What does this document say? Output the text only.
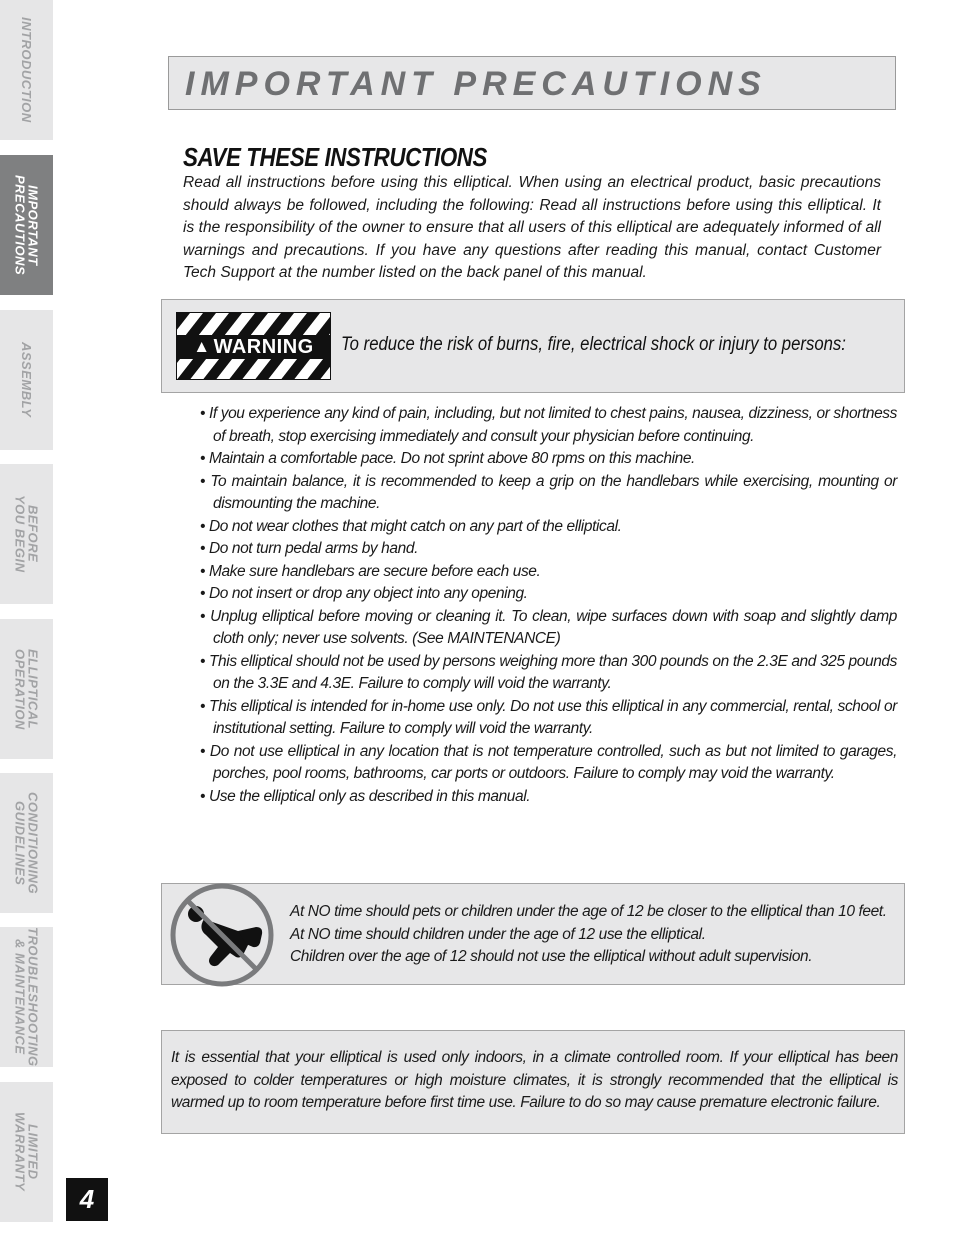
INTRODUCTION
IMPORTANT
PRECAUTIONS
ASSEMBLY
BEFORE
YOU BEGIN
ELLIPTICAL
OPERATION
CONDITIONING
GUIDELINES
TROUBLESHOOTING
& MAINTENANCE
LIMITED
WARRANTY
4
IMPORTANT PRECAUTIONS
SAVE THESE INSTRUCTIONS
Read all instructions before using this elliptical. When using an electrical product, basic precautions should always be followed, including the following: Read all instructions before using this elliptical. It is the responsibility of the owner to ensure that all users of this elliptical are adequately informed of all warnings and precautions. If you have any questions after reading this manual, contact Customer Tech Support at the number listed on the back panel of this manual.
▲ WARNING To reduce the risk of burns, fire, electrical shock or injury to persons:
• If you experience any kind of pain, including, but not limited to chest pains, nausea, dizziness, or shortness of breath, stop exercising immediately and consult your physician before continuing.
• Maintain a comfortable pace. Do not sprint above 80 rpms on this machine.
• To maintain balance, it is recommended to keep a grip on the handlebars while exercising, mounting or dismounting the machine.
• Do not wear clothes that might catch on any part of the elliptical.
• Do not turn pedal arms by hand.
• Make sure handlebars are secure before each use.
• Do not insert or drop any object into any opening.
• Unplug elliptical before moving or cleaning it. To clean, wipe surfaces down with soap and slightly damp cloth only; never use solvents. (See MAINTENANCE)
• This elliptical should not be used by persons weighing more than 300 pounds on the 2.3E and 325 pounds on the 3.3E and 4.3E. Failure to comply will void the warranty.
• This elliptical is intended for in-home use only. Do not use this elliptical in any commercial, rental, school or institutional setting. Failure to comply will void the warranty.
• Do not use elliptical in any location that is not temperature controlled, such as but not limited to garages, porches, pool rooms, bathrooms, car ports or outdoors. Failure to comply may void the warranty.
• Use the elliptical only as described in this manual.
At NO time should pets or children under the age of 12 be closer to the elliptical than 10 feet.
At NO time should children under the age of 12 use the elliptical.
Children over the age of 12 should not use the elliptical without adult supervision.
It is essential that your elliptical is used only indoors, in a climate controlled room. If your elliptical has been exposed to colder temperatures or high moisture climates, it is strongly recommended that the elliptical is warmed up to room temperature before first time use. Failure to do so may cause premature electronic failure.
